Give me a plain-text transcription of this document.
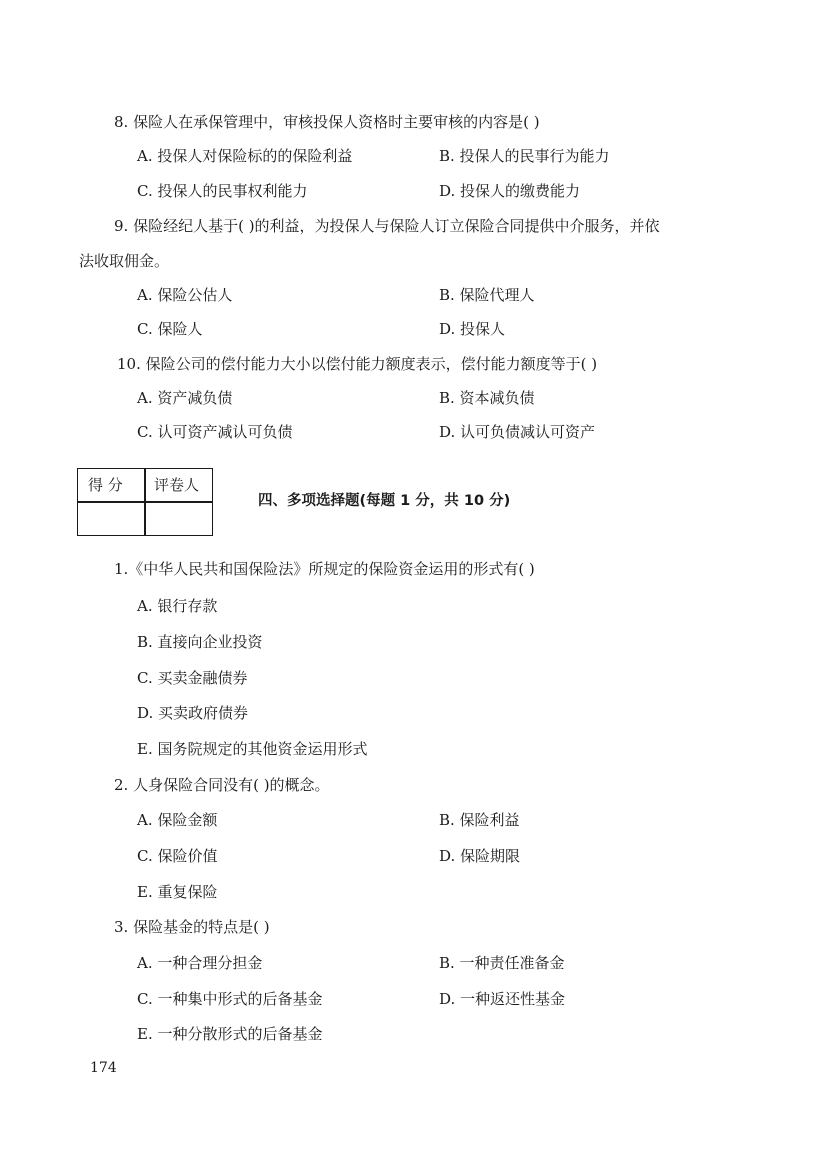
8. 保险人在承保管理中，审核投保人资格时主要审核的内容是( )
A. 投保人对保险标的的保险利益	B. 投保人的民事行为能力
C. 投保人的民事权利能力	D. 投保人的缴费能力
9. 保险经纪人基于( )的利益，为投保人与保险人订立保险合同提供中介服务，并依
法收取佣金。
A. 保险公估人	B. 保险代理人
C. 保险人	D. 投保人
10. 保险公司的偿付能力大小以偿付能力额度表示，偿付能力额度等于( )
A. 资产减负债	B. 资本减负债
C. 认可资产减认可负债	D. 认可负债减认可资产
得 分 评卷人
四、多项选择题(每题 1 分，共 10 分)
1.《中华人民共和国保险法》所规定的保险资金运用的形式有( )
A. 银行存款
B. 直接向企业投资
C. 买卖金融债券
D. 买卖政府债券
E. 国务院规定的其他资金运用形式
2. 人身保险合同没有( )的概念。
A. 保险金额	B. 保险利益
C. 保险价值	D. 保险期限
E. 重复保险
3. 保险基金的特点是( )
A. 一种合理分担金	B. 一种责任准备金
C. 一种集中形式的后备基金	D. 一种返还性基金
E. 一种分散形式的后备基金
174
